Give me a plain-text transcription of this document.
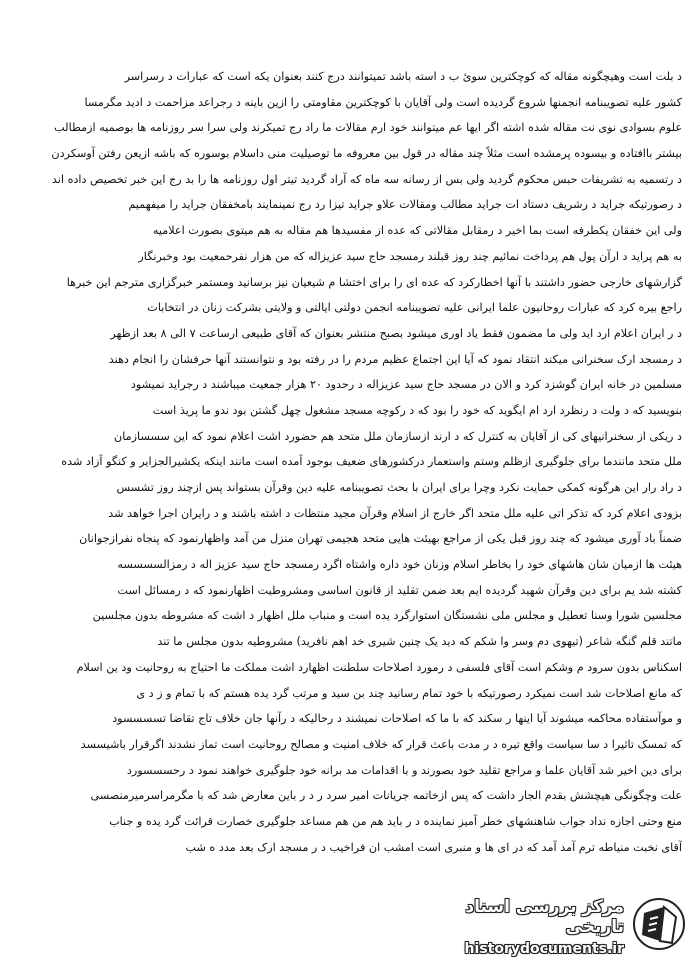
د بلت است وهیچگونه مقاله که کوچکترین سوئ ب د استه باشد تمیتوانند درج کنند بعنوان یکه است که عبارات د رسراسر
کشور علیه تصویبنامه انجمنها شروع گردیده است ولی آقایان با کوچکترین مقاومتی را ازین باینه د رجراعد مزاحمت د ادید مگرمسا
علوم بسوادی نوی نت مقاله شده اشته اگر ایها عم میتوانند خود ارم مقالات ما راد رج تمیکرند ولی سرا سر روزنامه ها بوصمیه ازمطالب
بیشتر باافتاده و بیسوده پرمشده است مثلاً چند مقاله در قول بین معروفه ما توصیلیت منی داسلام بوسوره که باشه ازیعن رفتن آوسکردن
د رتسمیه به تشریفات حبس محکوم گردید ولی بس از رسانه سه ماه که آراد گردید تیتر اول روزنامه ها را بد رج این خبر تخصیص داده اند
د رصورتیکه جراید د رشریف دستاد ات جراید مطالب ومقالات علاو جراید تیزا رد رج نمینمایند بامخفقان جراید را میفهمیم
ولی این خفقان یکطرفه است بما اخیر د رمقابل مقالاتی که عده از مفسیدها هم مقاله به هم میتوی بصورت اعلامیه
به هم پراید د ارآن پول هم پرداخت نمائیم چند روز قبلند رمسجد حاج سید عزیزاله که من هزار نفرحمعیت بود وخبرنگار
گزارشهای خارجی حضور داشتند با آنها اخطارکرد که عده ای را برای اختشا م شیعیان نیز برسانید ومستمر خبرگزاری مترجم این خبرها
راجع بیره کرد که عبارات روحانیون علما ایرانی علیه تصویبنامه انجمن دولتی ایالتی و ولایتی بشرکت زنان در انتخابات
د ر ایران اعلام ارد اید ولی ما مضمون فقط یاد اوری میشود بصبح منتشر بعنوان که آقای طبیعی ارساعت ۷ الی ۸ بعد ازظهر
د رمسجد ارک سخنرانی میکند انتقاد نمود که آیا این اجتماع عظیم مردم را در رفته بود و نتوانستند آنها حرفشان را انجام دهند
مسلمین در خانه ایران گوشزد کرد و الان در مسجد حاج سید عزیزاله د رحدود ۲۰ هزار جمعیت میباشند د رجراید نمیشود
بنویسید که د ولت د رنظرد ارد ام ایگوید که خود را بود که د رکوچه مسجد مشغول چهل گشتن بود ندو ما پریذ است
د ریکی از سخنرانیهای کی از آقایان به کنترل که د ارند ازسازمان ملل متحد هم حضورد اشت اعلام نمود که این سسسازمان
ملل متحد مانندما برای جلوگیری ازظلم وستم واستعمار درکشورهای ضعیف بوجود آمده است مانند اینکه یکشیرالجزایر و کنگو آزاد شده
د راد رار این هرگونه کمکی حمایت نکرد وچرا برای ایران با بحث تصویبنامه علیه دین وقرآن بستواند پس ازچند روز تشسس
بزودی اعلام کرد که تذکر اتی علیه ملل متحد اگر خارج از اسلام وقرآن مجید منتظات د اشته باشند و د رایران اجرا خواهد شد
ضمناً باد آوری میشود که چند روز قبل یکی از مراجع بهیئت هایی متحد هجیمی تهران منزل من آمد واظهارنمود که پنجاه نفرازجوانان
هیئت ها ازمیان شان هاشهای خود را بخاطر اسلام وزنان خود داره واشتاه اگرد رمسجد حاج سید عزیز اله د رمزالسسسسه
کشته شد یم برای دین وقرآن شهید گردیده ایم بعد ضمن تقلید از قانون اساسی ومشروطیت اظهارنمود که د رمسائل است
مجلسین شورا وسنا تعطیل و مجلس ملی نشستگان استوارگرد یده است و منباب ملل اظهار د اشت که مشروطه بدون مجلسین
ماتند قلم گنگه شاعر (تیهوی دم وسر وا شکم که دید یک چنین شیری خد اهم نافرید) مشروطیه بدون مجلس ما تند
اسکناس بدون سرود م وشکم است آقای فلسفی د رمورد اصلاحات سلطنت اظهارد اشت مملکت ما احتیاج به روحانیت ود ین اسلام
که مانع اصلاحات شد است نمیکرد رصورتیکه با خود تمام رسانید چند بن سید و مرتب گرد یده هستم که با تمام و ز د ی
و موآستفاده محاکمه میشوند آیا اینها ر سکند که با ما که اصلاحات نمیشند د رحالیکه د رآنها جان خلاف تاج تقاضا تسسسسود
که تمسک تاثیرا د سا سیاست واقع تیره د ر مدت باعث قرار که خلاف امنیت و مصالح روحانیت است تماز نشدند اگرقرار باشیسسد
برای دین اخیر شد آقایان علما و مراجع تقلید خود بصورند و با اقدامات مد برانه خود جلوگیری خواهند نمود د رحسسسورد
علت وچگونگی هیچشش بقدم الجار داشت که پس ازخاتمه جریانات امیر سرد ر د ر باین معارض شد که با مگرمراسرمیرمنصسی
منع وحتی اجازه نداد جواب شاهنشهای خطر آمیز نماینده د ر باید هم من هم مساعد جلوگیری خصارت قرائت گرد یده و جناب
آقای نخبت منیاطه ترم آمد آمد که در ای ها و منبری است امشب ان فراخیب د ر مسجد ارک بعد مدد ه شب
مرکز بررسی اسناد تاریخی
historydocuments.ir
